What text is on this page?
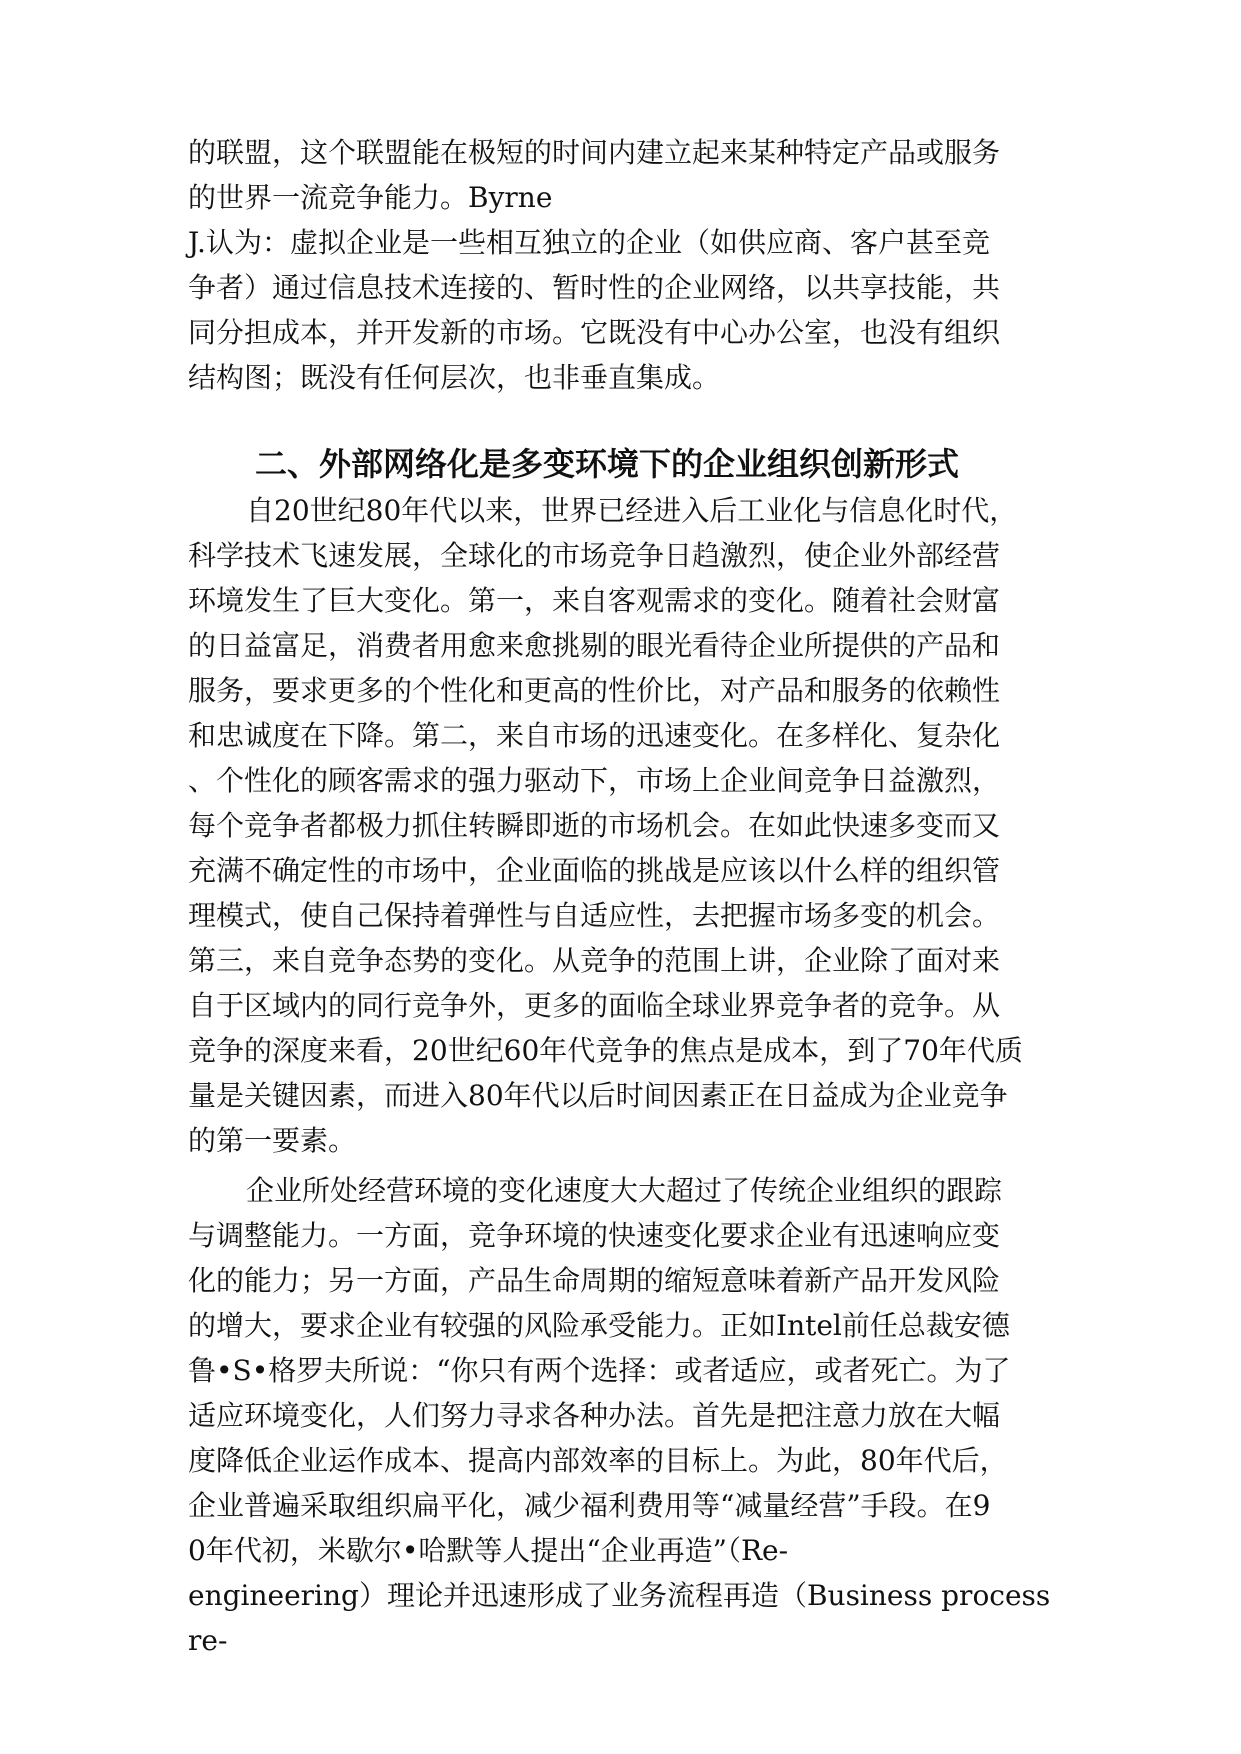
的联盟，这个联盟能在极短的时间内建立起来某种特定产品或服务
的世界一流竞争能力。Byrne
J.认为：虚拟企业是一些相互独立的企业（如供应商、客户甚至竞
争者）通过信息技术连接的、暂时性的企业网络，以共享技能，共
同分担成本，并开发新的市场。它既没有中心办公室，也没有组织
结构图；既没有任何层次，也非垂直集成。
二、外部网络化是多变环境下的企业组织创新形式
自20世纪80年代以来，世界已经进入后工业化与信息化时代，
科学技术飞速发展，全球化的市场竞争日趋激烈，使企业外部经营
环境发生了巨大变化。第一，来自客观需求的变化。随着社会财富
的日益富足，消费者用愈来愈挑剔的眼光看待企业所提供的产品和
服务，要求更多的个性化和更高的性价比，对产品和服务的依赖性
和忠诚度在下降。第二，来自市场的迅速变化。在多样化、复杂化
、个性化的顾客需求的强力驱动下，市场上企业间竞争日益激烈，
每个竞争者都极力抓住转瞬即逝的市场机会。在如此快速多变而又
充满不确定性的市场中，企业面临的挑战是应该以什么样的组织管
理模式，使自己保持着弹性与自适应性，去把握市场多变的机会。
第三，来自竞争态势的变化。从竞争的范围上讲，企业除了面对来
自于区域内的同行竞争外，更多的面临全球业界竞争者的竞争。从
竞争的深度来看，20世纪60年代竞争的焦点是成本，到了70年代质
量是关键因素，而进入80年代以后时间因素正在日益成为企业竞争
的第一要素。
企业所处经营环境的变化速度大大超过了传统企业组织的跟踪
与调整能力。一方面，竞争环境的快速变化要求企业有迅速响应变
化的能力；另一方面，产品生命周期的缩短意味着新产品开发风险
的增大，要求企业有较强的风险承受能力。正如Intel前任总裁安德
鲁•S•格罗夫所说：“你只有两个选择：或者适应，或者死亡。为了
适应环境变化，人们努力寻求各种办法。首先是把注意力放在大幅
度降低企业运作成本、提高内部效率的目标上。为此，80年代后，
企业普遍采取组织扁平化，减少福利费用等“减量经营”手段。在9
0年代初，米歇尔•哈默等人提出“企业再造”（Re-
engineering）理论并迅速形成了业务流程再造（Business process
re-
